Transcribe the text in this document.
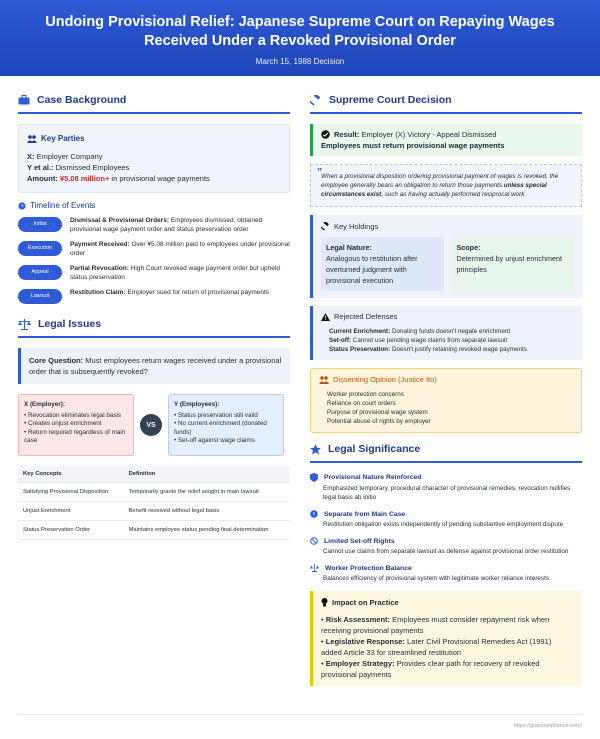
Undoing Provisional Relief: Japanese Supreme Court on Repaying Wages Received Under a Revoked Provisional Order
March 15, 1988 Decision
Case Background
Key Parties
X: Employer Company
Y et al.: Dismissed Employees
Amount: ¥5.08 million+ in provisional wage payments
Timeline of Events
Initial	Dismissal & Provisional Orders: Employees dismissed, obtained provisional wage payment order and status preservation order
Execution	Payment Received: Over ¥5.08 million paid to employees under provisional order
Appeal	Partial Revocation: High Court revoked wage payment order but upheld status preservation
Lawsuit	Restitution Claim: Employer sued for return of provisional payments
Legal Issues
Core Question: Must employees return wages received under a provisional order that is subsequently revoked?
X (Employer):
• Revocation eliminates legal basis
• Creates unjust enrichment
• Return required regardless of main case
VS
Y (Employees):
• Status preservation still valid
• No current enrichment (donated funds)
• Set-off against wage claims
Key Concepts	Definition
Satisfying Provisional Disposition	Temporarily grants the relief sought in main lawsuit
Unjust Enrichment	Benefit received without legal basis
Status Preservation Order	Maintains employee status pending final determination
Supreme Court Decision
Result: Employer (X) Victory - Appeal Dismissed
Employees must return provisional wage payments
” When a provisional disposition ordering provisional payment of wages is revoked, the employee generally bears an obligation to return those payments unless special circumstances exist, such as having actually performed reciprocal work.
Key Holdings
Legal Nature:
Analogous to restitution after overturned judgment with provisional execution
Scope:
Determined by unjust enrichment principles
Rejected Defenses
Current Enrichment: Donating funds doesn't negate enrichment
Set-off: Cannot use pending wage claims from separate lawsuit
Status Preservation: Doesn't justify retaining revoked wage payments
Dissenting Opinion (Justice Ito)
Worker protection concerns
Reliance on court orders
Purpose of provisional wage system
Potential abuse of rights by employer
Legal Significance
Provisional Nature Reinforced
Emphasized temporary, procedural character of provisional remedies; revocation nullifies legal basis ab initio
Separate from Main Case
Restitution obligation exists independently of pending substantive employment dispute
Limited Set-off Rights
Cannot use claims from separate lawsuit as defense against provisional order restitution
Worker Protection Balance
Balances efficiency of provisional system with legitimate worker reliance interests
Impact on Practice
• Risk Assessment: Employees must consider repayment risk when receiving provisional payments
• Legislative Response: Later Civil Provisional Remedies Act (1991) added Article 33 for streamlined restitution
• Employer Strategy: Provides clear path for recovery of revoked provisional payments
https://jpaacompliance.com/
